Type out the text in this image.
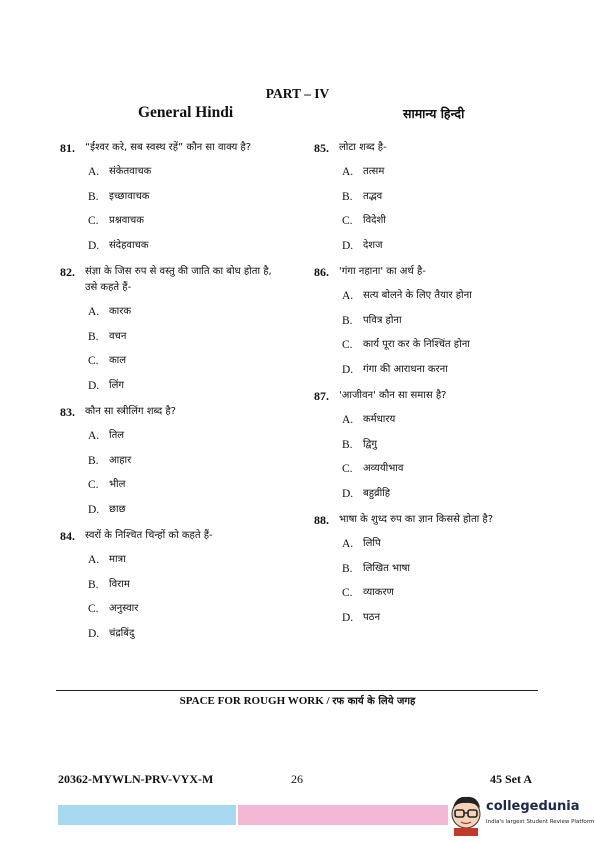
PART – IV
General Hindi	सामान्य हिन्दी
81.	“ईश्वर करे, सब स्वस्थ रहें” कौन सा वाक्य है?
A. संकेतवाचक
B.	इच्छावाचक
C.	प्रश्नवाचक
D. संदेहवाचक
82.	संज्ञा के जिस रुप से वस्तु की जाति का बोध होता है,
उसे कहते हैं-
A. कारक
B.	वचन
C.	काल
D. लिंग
83.	कौन सा स्त्रीलिंग शब्द है?
A. तिल
B.	आहार
C.	भील
D. छाछ
84.	स्वरों के निश्चित चिन्हों को कहते हैं-
A. मात्रा
B.	विराम
C.	अनुस्वार
D. चंद्रबिंदु
85.	लोटा शब्द है-
A. तत्सम
B.	तद्भव
C.	विदेशी
D. देशज
86.	'गंगा नहाना' का अर्थ है-
A. सत्य बोलने के लिए तैयार होना
B.	पवित्र होना
C.	कार्य पूरा कर के निश्चिंत होना
D. गंगा की आराधना करना
87.	'आजीवन' कौन सा समास है?
A. कर्मधारय
B.	द्विगु
C.	अव्ययीभाव
D. बहुव्रीहि
88.	भाषा के शुध्द रुप का ज्ञान किससे होता है?
A. लिपि
B.	लिखित भाषा
C.	व्याकरण
D. पठन
SPACE FOR ROUGH WORK / रफ कार्य के लिये जगह
20362-MYWLN-PRV-VYX-M	26	45 Set A
collegedunia
India's largest Student Review Platform
